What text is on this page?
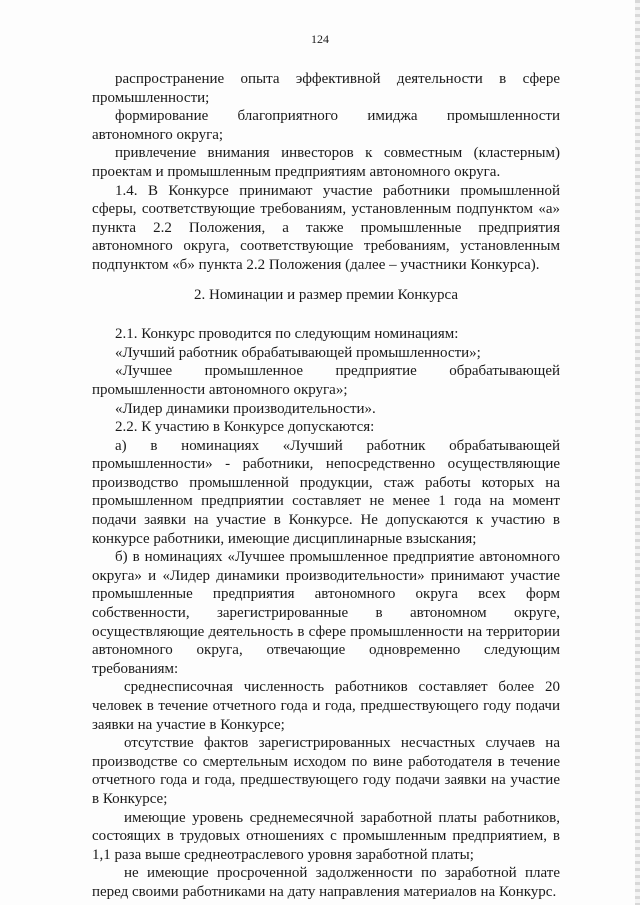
124

распространение опыта эффективной деятельности в сфере промышленности;

формирование благоприятного имиджа промышленности автономного округа;

привлечение внимания инвесторов к совместным (кластерным) проектам и промышленным предприятиям автономного округа.

1.4. В Конкурсе принимают участие работники промышленной сферы, соответствующие требованиям, установленным подпунктом «а» пункта 2.2 Положения, а также промышленные предприятия автономного округа, соответствующие требованиям, установленным подпунктом «б» пункта 2.2 Положения (далее – участники Конкурса).

2. Номинации и размер премии Конкурса

2.1. Конкурс проводится по следующим номинациям:

«Лучший работник обрабатывающей промышленности»;

«Лучшее промышленное предприятие обрабатывающей промышленности автономного округа»;

«Лидер динамики производительности».

2.2. К участию в Конкурсе допускаются:

а) в номинациях «Лучший работник обрабатывающей промышленности» - работники, непосредственно осуществляющие производство промышленной продукции, стаж работы которых на промышленном предприятии составляет не менее 1 года на момент подачи заявки на участие в Конкурсе. Не допускаются к участию в конкурсе работники, имеющие дисциплинарные взыскания;

б) в номинациях «Лучшее промышленное предприятие автономного округа» и «Лидер динамики производительности» принимают участие промышленные предприятия автономного округа всех форм собственности, зарегистрированные в автономном округе, осуществляющие деятельность в сфере промышленности на территории автономного округа, отвечающие одновременно следующим требованиям:

среднесписочная численность работников составляет более 20 человек в течение отчетного года и года, предшествующего году подачи заявки на участие в Конкурсе;

отсутствие фактов зарегистрированных несчастных случаев на производстве со смертельным исходом по вине работодателя в течение отчетного года и года, предшествующего году подачи заявки на участие в Конкурсе;

имеющие уровень среднемесячной заработной платы работников, состоящих в трудовых отношениях с промышленным предприятием, в 1,1 раза выше среднеотраслевого уровня заработной платы;

не имеющие просроченной задолженности по заработной плате перед своими работниками на дату направления материалов на Конкурс.
